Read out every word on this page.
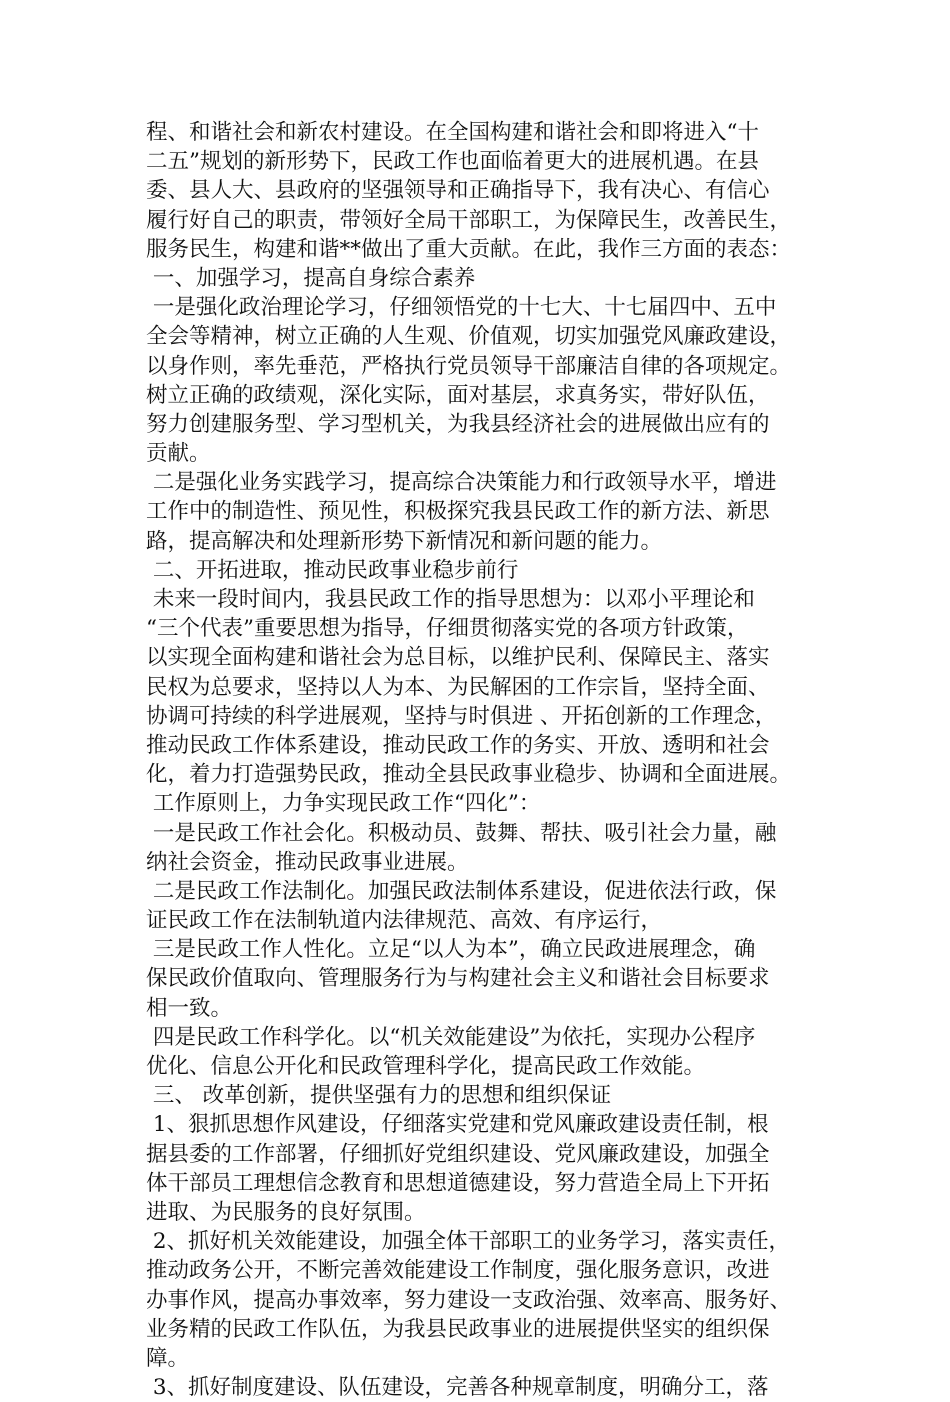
程、和谐社会和新农村建设。在全国构建和谐社会和即将进入“十
二五”规划的新形势下，民政工作也面临着更大的进展机遇。在县
委、县人大、县政府的坚强领导和正确指导下，我有决心、有信心
履行好自己的职责，带领好全局干部职工，为保障民生，改善民生，
服务民生，构建和谐**做出了重大贡献。在此，我作三方面的表态：
一、加强学习，提高自身综合素养
一是强化政治理论学习，仔细领悟党的十七大、十七届四中、五中
全会等精神，树立正确的人生观、价值观，切实加强党风廉政建设，
以身作则，率先垂范，严格执行党员领导干部廉洁自律的各项规定。
树立正确的政绩观，深化实际，面对基层，求真务实，带好队伍，
努力创建服务型、学习型机关，为我县经济社会的进展做出应有的
贡献。
二是强化业务实践学习，提高综合决策能力和行政领导水平，增进
工作中的制造性、预见性，积极探究我县民政工作的新方法、新思
路，提高解决和处理新形势下新情况和新问题的能力。
二、开拓进取，推动民政事业稳步前行
未来一段时间内，我县民政工作的指导思想为：以邓小平理论和
“三个代表”重要思想为指导，仔细贯彻落实党的各项方针政策，
以实现全面构建和谐社会为总目标，以维护民利、保障民主、落实
民权为总要求，坚持以人为本、为民解困的工作宗旨，坚持全面、
协调可持续的科学进展观，坚持与时俱进 、开拓创新的工作理念，
推动民政工作体系建设，推动民政工作的务实、开放、透明和社会
化，着力打造强势民政，推动全县民政事业稳步、协调和全面进展。
工作原则上，力争实现民政工作“四化”：
一是民政工作社会化。积极动员、鼓舞、帮扶、吸引社会力量，融
纳社会资金，推动民政事业进展。
二是民政工作法制化。加强民政法制体系建设，促进依法行政，保
证民政工作在法制轨道内法律规范、高效、有序运行，
三是民政工作人性化。立足“以人为本”，确立民政进展理念，确
保民政价值取向、管理服务行为与构建社会主义和谐社会目标要求
相一致。
四是民政工作科学化。以“机关效能建设”为依托，实现办公程序
优化、信息公开化和民政管理科学化，提高民政工作效能。
三、 改革创新，提供坚强有力的思想和组织保证
1、狠抓思想作风建设，仔细落实党建和党风廉政建设责任制，根
据县委的工作部署，仔细抓好党组织建设、党风廉政建设，加强全
体干部员工理想信念教育和思想道德建设，努力营造全局上下开拓
进取、为民服务的良好氛围。
2、抓好机关效能建设，加强全体干部职工的业务学习，落实责任，
推动政务公开，不断完善效能建设工作制度，强化服务意识，改进
办事作风，提高办事效率，努力建设一支政治强、效率高、服务好、
业务精的民政工作队伍，为我县民政事业的进展提供坚实的组织保
障。
3、抓好制度建设、队伍建设，完善各种规章制度，明确分工，落
